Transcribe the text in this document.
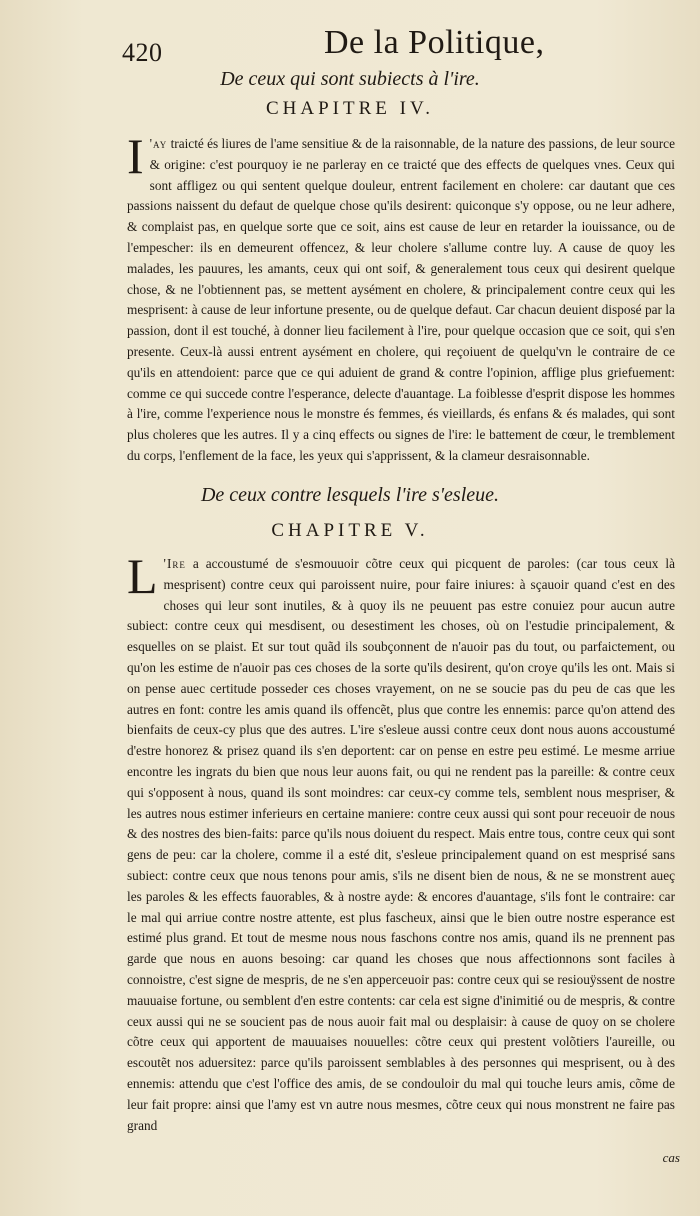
420	De la Politique,
De ceux qui sont subiects à l'ire.
CHAPITRE IV.

I 'ay traicté és liures de l'ame sensitiue & de la raisonnable, de la nature des passions, de leur source & origine: c'est pourquoy ie ne parleray en ce traicté que des effects de quelques vnes. Ceux qui sont affligez ou qui sentent quelque douleur, entrent facilement en cholere: car dautant que ces passions naissent du defaut de quelque chose qu'ils desirent: quiconque s'y oppose, ou ne leur adhere, & complaist pas, en quelque sorte que ce soit, ains est cause de leur en retarder la iouissance, ou de l'empescher: ils en demeurent offencez, & leur cholere s'allume contre luy. A cause de quoy les malades, les pauures, les amants, ceux qui ont soif, & generalement tous ceux qui desirent quelque chose, & ne l'obtiennent pas, se mettent aysément en cholere, & principalement contre ceux qui les mesprisent: à cause de leur infortune presente, ou de quelque defaut. Car chacun deuient disposé par la passion, dont il est touché, à donner lieu facilement à l'ire, pour quelque occasion que ce soit, qui s'en presente. Ceux-là aussi entrent aysément en cholere, qui reçoiuent de quelqu'vn le contraire de ce qu'ils en attendoient: parce que ce qui aduient de grand & contre l'opinion, afflige plus griefuement: comme ce qui succede contre l'esperance, delecte d'auantage. La foiblesse d'esprit dispose les hommes à l'ire, comme l'experience nous le monstre és femmes, és vieillards, és enfans & és malades, qui sont plus choleres que les autres. Il y a cinq effects ou signes de l'ire: le battement de cœur, le tremblement du corps, l'enflement de la face, les yeux qui s'apprissent, & la clameur desraisonnable.

De ceux contre lesquels l'ire s'esleue.
CHAPITRE V.

L 'Ire a accoustumé de s'esmouuoir cõtre ceux qui picquent de paroles: (car tous ceux là mesprisent) contre ceux qui paroissent nuire, pour faire iniures: à sçauoir quand c'est en des choses qui leur sont inutiles, & à quoy ils ne peuuent pas estre conuiez pour aucun autre subiect: contre ceux qui mesdisent, ou desestiment les choses, où on l'estudie principalement, & esquelles on se plaist. Et sur tout quãd ils soubçonnent de n'auoir pas du tout, ou parfaictement, ou qu'on les estime de n'auoir pas ces choses de la sorte qu'ils desirent, qu'on croye qu'ils les ont. Mais si on pense auec certitude posseder ces choses vrayement, on ne se soucie pas du peu de cas que les autres en font: contre les amis quand ils offencẽt, plus que contre les ennemis: parce qu'on attend des bienfaits de ceux-cy plus que des autres. L'ire s'esleue aussi contre ceux dont nous auons accoustumé d'estre honorez & prisez quand ils s'en deportent: car on pense en estre peu estimé. Le mesme arriue encontre les ingrats du bien que nous leur auons fait, ou qui ne rendent pas la pareille: & contre ceux qui s'opposent à nous, quand ils sont moindres: car ceux-cy comme tels, semblent nous mespriser, & les autres nous estimer inferieurs en certaine maniere: contre ceux aussi qui sont pour receuoir de nous & des nostres des bien-faits: parce qu'ils nous doiuent du respect. Mais entre tous, contre ceux qui sont gens de peu: car la cholere, comme il a esté dit, s'esleue principalement quand on est mesprisé sans subiect: contre ceux que nous tenons pour amis, s'ils ne disent bien de nous, & ne se monstrent aueç les paroles & les effects fauorables, & à nostre ayde: & encores d'auantage, s'ils font le contraire: car le mal qui arriue contre nostre attente, est plus fascheux, ainsi que le bien outre nostre esperance est estimé plus grand. Et tout de mesme nous nous faschons contre nos amis, quand ils ne prennent pas garde que nous en auons besoing: car quand les choses que nous affectionnons sont faciles à connoistre, c'est signe de mespris, de ne s'en apperceuoir pas: contre ceux qui se resiouÿssent de nostre mauuaise fortune, ou semblent d'en estre contents: car cela est signe d'inimitié ou de mespris, & contre ceux aussi qui ne se soucient pas de nous auoir fait mal ou desplaisir: à cause de quoy on se cholere cõtre ceux qui apportent de mauuaises nouuelles: cõtre ceux qui prestent volõtiers l'aureille, ou escoutẽt nos aduersitez: parce qu'ils paroissent semblables à des personnes qui mesprisent, ou à des ennemis: attendu que c'est l'office des amis, de se condouloir du mal qui touche leurs amis, cõme de leur fait propre: ainsi que l'amy est vn autre nous mesmes, cõtre ceux qui nous monstrent ne faire pas grand

cas
